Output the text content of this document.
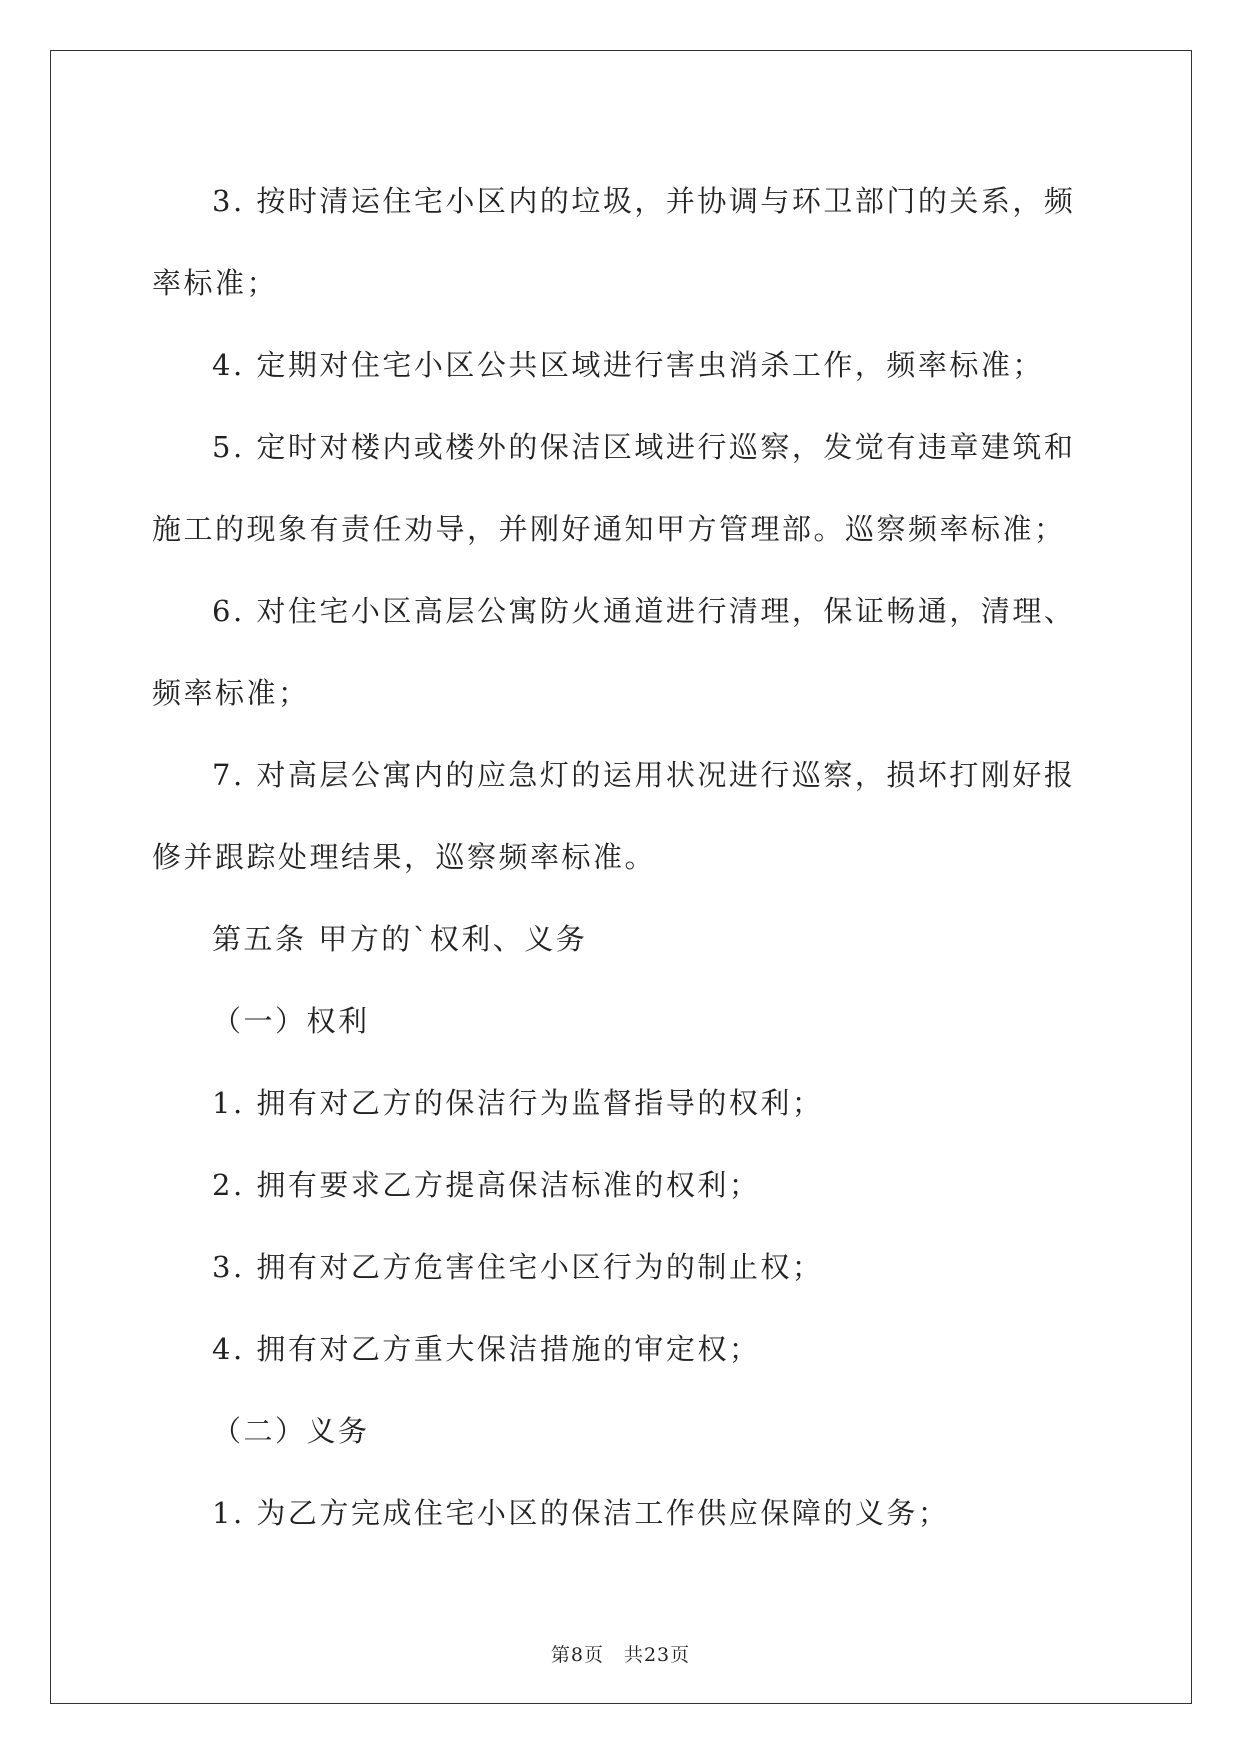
3. 按时清运住宅小区内的垃圾，并协调与环卫部门的关系，频率标准；

4. 定期对住宅小区公共区域进行害虫消杀工作，频率标准；

5. 定时对楼内或楼外的保洁区域进行巡察，发觉有违章建筑和施工的现象有责任劝导，并刚好通知甲方管理部。巡察频率标准；

6. 对住宅小区高层公寓防火通道进行清理，保证畅通，清理、频率标准；

7. 对高层公寓内的应急灯的运用状况进行巡察，损坏打刚好报修并跟踪处理结果，巡察频率标准。

第五条 甲方的`权利、义务

（一）权利

1. 拥有对乙方的保洁行为监督指导的权利；

2. 拥有要求乙方提高保洁标准的权利；

3. 拥有对乙方危害住宅小区行为的制止权；

4. 拥有对乙方重大保洁措施的审定权；

（二）义务

1. 为乙方完成住宅小区的保洁工作供应保障的义务；

第8页 共23页
